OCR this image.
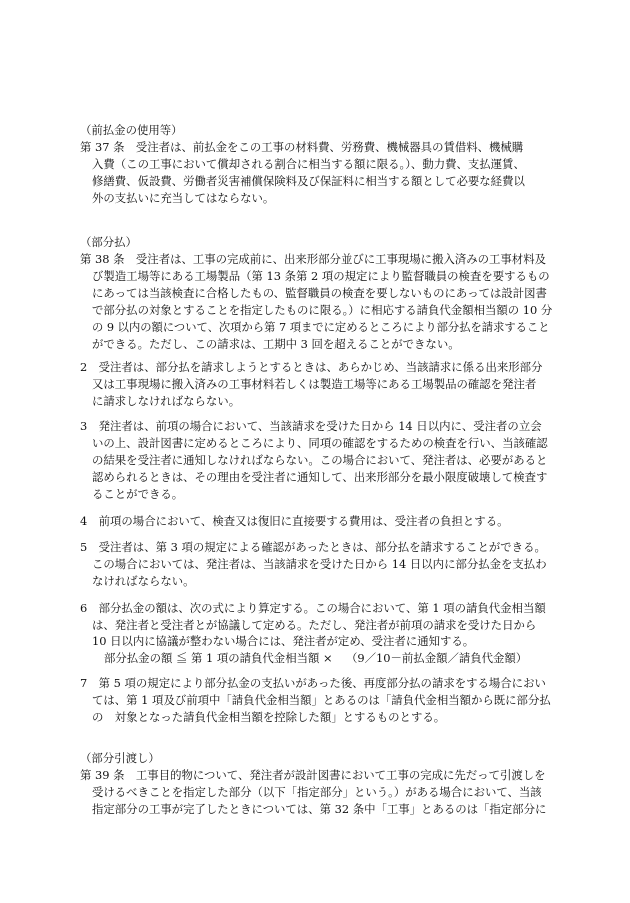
（前払金の使用等）
第 37 条　受注者は、前払金をこの工事の材料費、労務費、機械器具の賃借料、機械購
入費（この工事において償却される割合に相当する額に限る。）、動力費、支払運賃、
修繕費、仮設費、労働者災害補償保険料及び保証料に相当する額として必要な経費以
外の支払いに充当してはならない。
（部分払）
第 38 条　受注者は、工事の完成前に、出来形部分並びに工事現場に搬入済みの工事材料及
び製造工場等にある工場製品（第 13 条第 2 項の規定により監督職員の検査を要するもの
にあっては当該検査に合格したもの、監督職員の検査を要しないものにあっては設計図書
で部分払の対象とすることを指定したものに限る。）に相応する請負代金額相当額の 10 分
の 9 以内の額について、次項から第 7 項までに定めるところにより部分払を請求すること
ができる。ただし、この請求は、工期中 3 回を超えることができない。
2　受注者は、部分払を請求しようとするときは、あらかじめ、当該請求に係る出来形部分
又は工事現場に搬入済みの工事材料若しくは製造工場等にある工場製品の確認を発注者
に請求しなければならない。
3　発注者は、前項の場合において、当該請求を受けた日から 14 日以内に、受注者の立会
いの上、設計図書に定めるところにより、同項の確認をするための検査を行い、当該確認
の結果を受注者に通知しなければならない。この場合において、発注者は、必要があると
認められるときは、その理由を受注者に通知して、出来形部分を最小限度破壊して検査す
ることができる。
4　前項の場合において、検査又は復旧に直接要する費用は、受注者の負担とする。
5　受注者は、第 3 項の規定による確認があったときは、部分払を請求することができる。
この場合においては、発注者は、当該請求を受けた日から 14 日以内に部分払金を支払わ
なければならない。
6　部分払金の額は、次の式により算定する。この場合において、第 1 項の請負代金相当額
は、発注者と受注者とが協議して定める。ただし、発注者が前項の請求を受けた日から
10 日以内に協議が整わない場合には、発注者が定め、受注者に通知する。
部分払金の額 ≦ 第 1 項の請負代金相当額 × （9／10－前払金額／請負代金額）
7　第 5 項の規定により部分払金の支払いがあった後、再度部分払の請求をする場合におい
ては、第 1 項及び前項中「請負代金相当額」とあるのは「請負代金相当額から既に部分払
の　対象となった請負代金相当額を控除した額」とするものとする。
（部分引渡し）
第 39 条　工事目的物について、発注者が設計図書において工事の完成に先だって引渡しを
受けるべきことを指定した部分（以下「指定部分」という。）がある場合において、当該
指定部分の工事が完了したときについては、第 32 条中「工事」とあるのは「指定部分に
